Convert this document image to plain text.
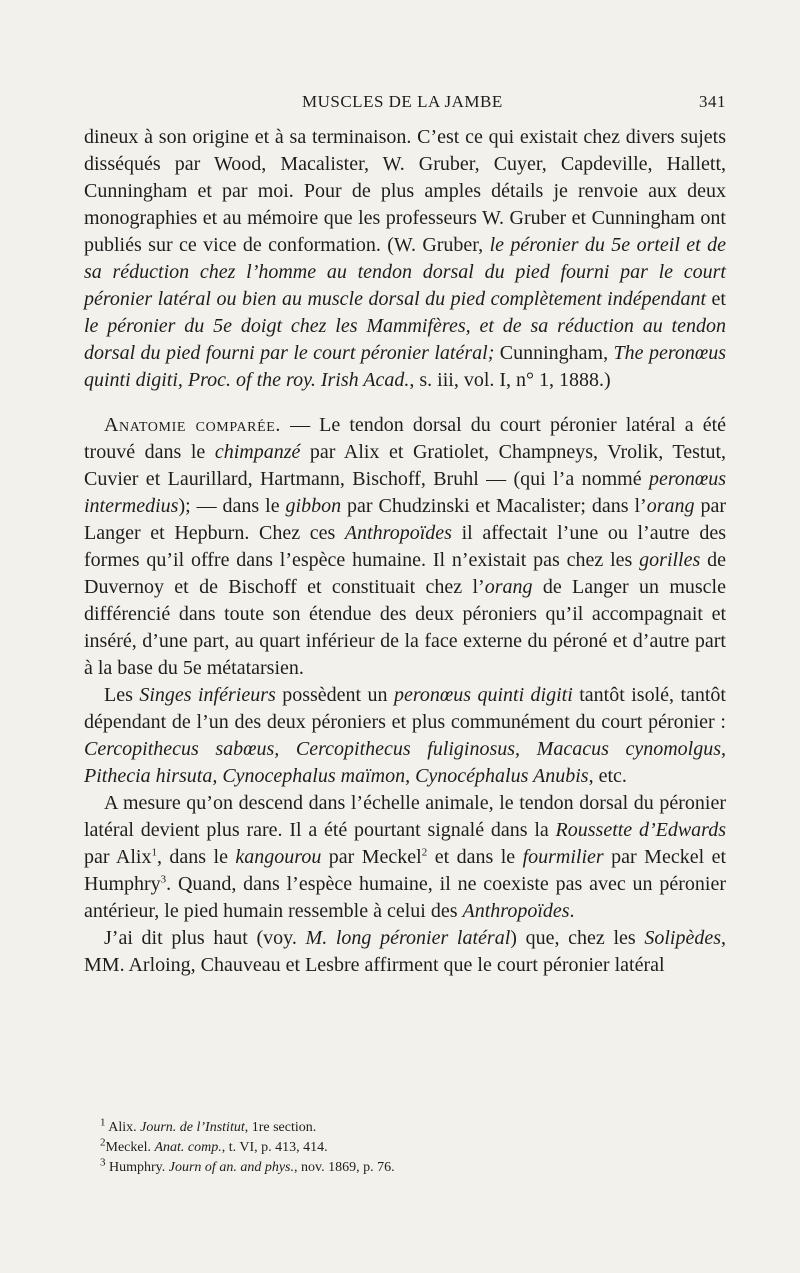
MUSCLES DE LA JAMBE	341

dineux à son origine et à sa terminaison. C’est ce qui existait chez divers sujets disséqués par Wood, Macalister, W. Gruber, Cuyer, Capdeville, Hallett, Cunningham et par moi. Pour de plus amples détails je renvoie aux deux monographies et au mémoire que les professeurs W. Gruber et Cunningham ont publiés sur ce vice de conformation. (W. Gruber, le péronier du 5e orteil et de sa réduction chez l’homme au tendon dorsal du pied fourni par le court péronier latéral ou bien au muscle dorsal du pied complètement indépendant et le péronier du 5e doigt chez les Mammifères, et de sa réduction au tendon dorsal du pied fourni par le court péronier latéral; Cunningham, The peronœus quinti digiti, Proc. of the roy. Irish Acad., s. iii, vol. I, n° 1, 1888.)

Anatomie comparée. — Le tendon dorsal du court péronier latéral a été trouvé dans le chimpanzé par Alix et Gratiolet, Champneys, Vrolik, Testut, Cuvier et Laurillard, Hartmann, Bischoff, Bruhl — (qui l’a nommé peronœus intermedius); — dans le gibbon par Chudzinski et Macalister; dans l’orang par Langer et Hepburn. Chez ces Anthropoïdes il affectait l’une ou l’autre des formes qu’il offre dans l’espèce humaine. Il n’existait pas chez les gorilles de Duvernoy et de Bischoff et constituait chez l’orang de Langer un muscle différencié dans toute son étendue des deux péroniers qu’il accompagnait et inséré, d’une part, au quart inférieur de la face externe du péroné et d’autre part à la base du 5e métatarsien.

Les Singes inférieurs possèdent un peronœus quinti digiti tantôt isolé, tantôt dépendant de l’un des deux péroniers et plus communément du court péronier : Cercopithecus sabœus, Cercopithecus fuliginosus, Macacus cynomolgus, Pithecia hirsuta, Cynocephalus maïmon, Cynocéphalus Anubis, etc.

A mesure qu’on descend dans l’échelle animale, le tendon dorsal du péronier latéral devient plus rare. Il a été pourtant signalé dans la Roussette d’Edwards par Alix$^1$, dans le kangourou par Meckel$^2$ et dans le fourmilier par Meckel et Humphry$^3$. Quand, dans l’espèce humaine, il ne coexiste pas avec un péronier antérieur, le pied humain ressemble à celui des Anthropoïdes.

J’ai dit plus haut (voy. M. long péronier latéral) que, chez les Solipèdes, MM. Arloing, Chauveau et Lesbre affirment que le court péronier latéral

$^1$ Alix. Journ. de l’Institut, 1re section.
$^2$Meckel. Anat. comp., t. VI, p. 413, 414.
$^3$ Humphry. Journ of an. and phys., nov. 1869, p. 76.
